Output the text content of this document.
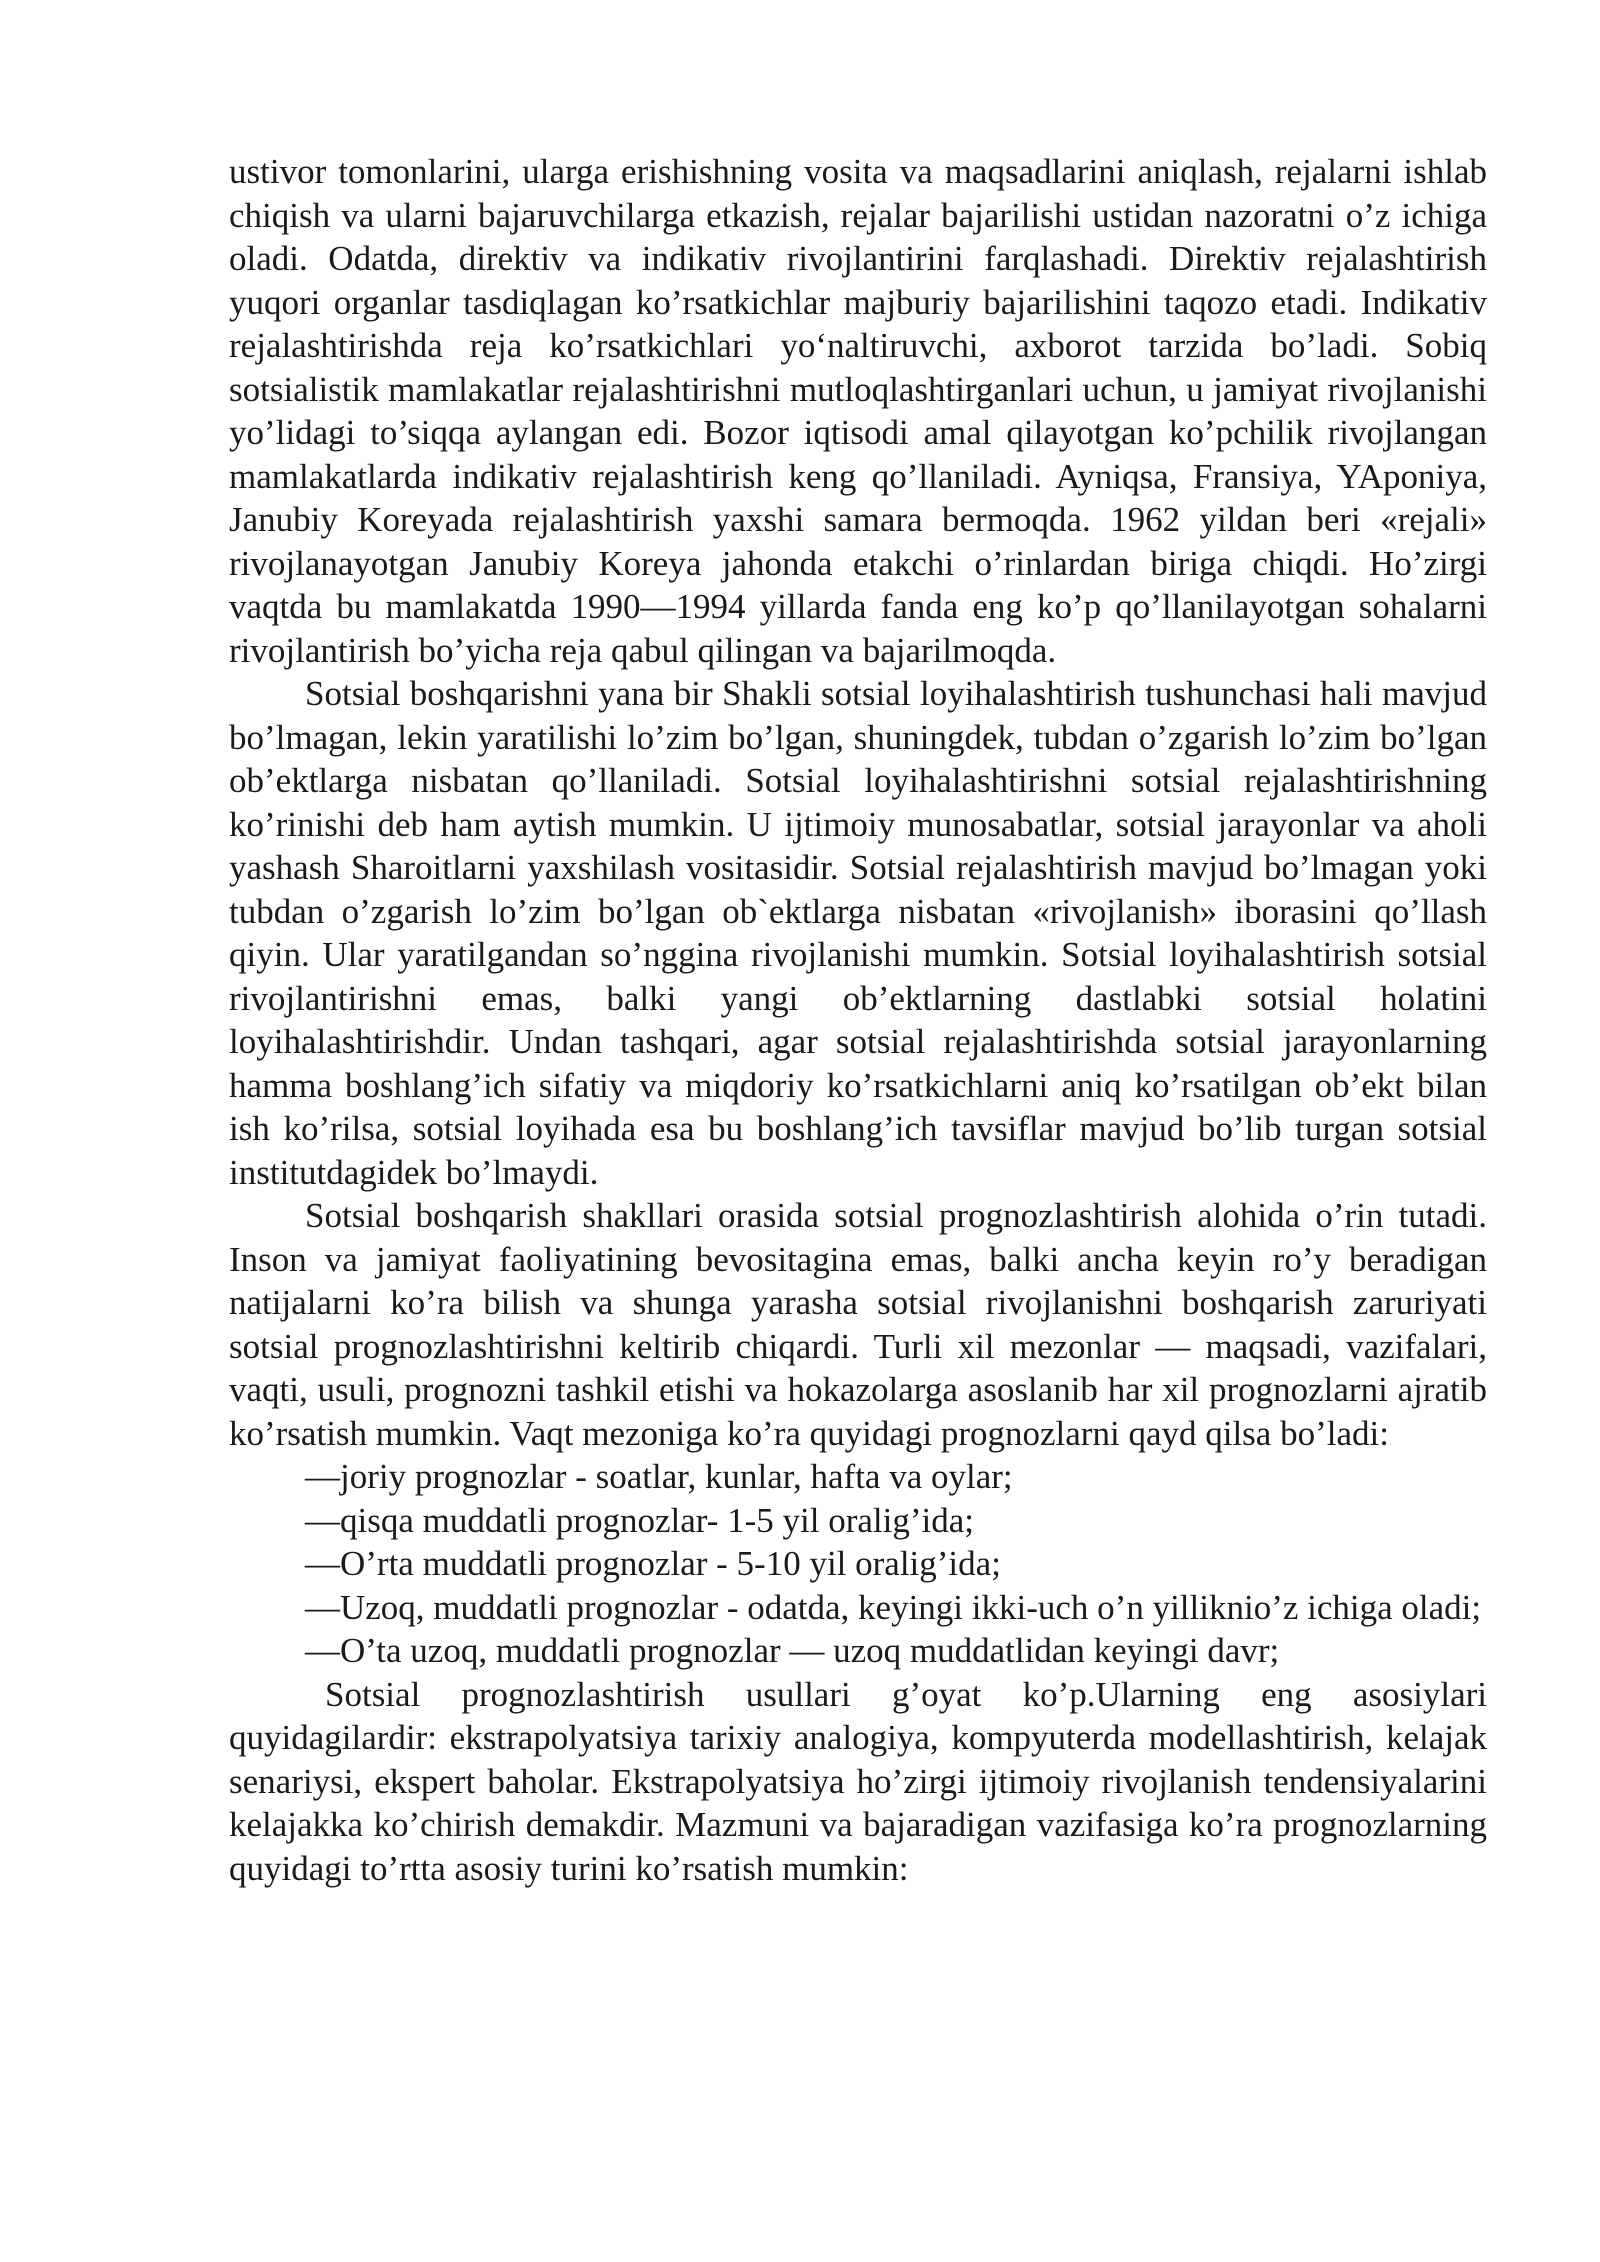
ustivor tomonlarini, ularga erishishning vosita va maqsadlarini aniqlash, rejalarni ishlab chiqish va ularni bajaruvchilarga etkazish, rejalar bajarilishi ustidan nazoratni o’z ichiga oladi. Odatda, direktiv va indikativ rivojlantirini farqlashadi. Direktiv rejalashtirish yuqori organlar tasdiqlagan ko’rsatkichlar majburiy bajarilishini taqozo etadi. Indikativ rejalashtirishda reja ko’rsatkichlari yo‘naltiruvchi, axborot tarzida bo’ladi. Sobiq sotsialistik mamlakatlar rejalashtirishni mutloqlashtirganlari uchun, u jamiyat rivojlanishi yo’lidagi to’siqqa aylangan edi. Bozor iqtisodi amal qilayotgan ko’pchilik rivojlangan mamlakatlarda indikativ rejalashtirish keng qo’llaniladi. Ayniqsa, Fransiya, YAponiya, Janubiy Koreyada rejalashtirish yaxshi samara bermoqda. 1962 yildan beri «rejali» rivojlanayotgan Janubiy Koreya jahonda etakchi o’rinlardan biriga chiqdi. Ho’zirgi vaqtda bu mamlakatda 1990—1994 yillarda fanda eng ko’p qo’llanilayotgan sohalarni rivojlantirish bo’yicha reja qabul qilingan va bajarilmoqda.

Sotsial boshqarishni yana bir Shakli sotsial loyihalashtirish tushunchasi hali mavjud bo’lmagan, lekin yaratilishi lo’zim bo’lgan, shuningdek, tubdan o’zgarish lo’zim bo’lgan ob’ektlarga nisbatan qo’llaniladi. Sotsial loyihalashtirishni sotsial rejalashtirishning ko’rinishi deb ham aytish mumkin. U ijtimoiy munosabatlar, sotsial jarayonlar va aholi yashash Sharoitlarni yaxshilash vositasidir. Sotsial rejalashtirish mavjud bo’lmagan yoki tubdan o’zgarish lo’zim bo’lgan ob`ektlarga nisbatan «rivojlanish» iborasini qo’llash qiyin. Ular yaratilgandan so’nggina rivojlanishi mumkin. Sotsial loyihalashtirish sotsial rivojlantirishni emas, balki yangi ob’ektlarning dastlabki sotsial holatini loyihalashtirishdir. Undan tashqari, agar sotsial rejalashtirishda sotsial jarayonlarning hamma boshlang’ich sifatiy va miqdoriy ko’rsatkichlarni aniq ko’rsatilgan ob’ekt bilan ish ko’rilsa, sotsial loyihada esa bu boshlang’ich tavsiflar mavjud bo’lib turgan sotsial institutdagidek bo’lmaydi.

Sotsial boshqarish shakllari orasida sotsial prognozlashtirish alohida o’rin tutadi. Inson va jamiyat faoliyatining bevositagina emas, balki ancha keyin ro’y beradigan natijalarni ko’ra bilish va shunga yarasha sotsial rivojlanishni boshqarish zaruriyati sotsial prognozlashtirishni keltirib chiqardi. Turli xil mezonlar — maqsadi, vazifalari, vaqti, usuli, prognozni tashkil etishi va hokazolarga asoslanib har xil prognozlarni ajratib ko’rsatish mumkin. Vaqt mezoniga ko’ra quyidagi prognozlarni qayd qilsa bo’ladi:

—joriy prognozlar - soatlar, kunlar, hafta va oylar;

—qisqa muddatli prognozlar- 1-5 yil oralig’ida;

—O’rta muddatli prognozlar - 5-10 yil oralig’ida;

—Uzoq, muddatli prognozlar - odatda, keyingi ikki-uch o’n yilliknio’z ichiga oladi;

—O’ta uzoq, muddatli prognozlar — uzoq muddatlidan keyingi davr;

Sotsial prognozlashtirish usullari g’oyat ko’p.Ularning eng asosiylari quyidagilardir: ekstrapolyatsiya tarixiy analogiya, kompyuterda modellashtirish, kelajak senariysi, ekspert baholar. Ekstrapolyatsiya ho’zirgi ijtimoiy rivojlanish tendensiyalarini kelajakka ko’chirish demakdir. Mazmuni va bajaradigan vazifasiga ko’ra prognozlarning quyidagi to’rtta asosiy turini ko’rsatish mumkin:
